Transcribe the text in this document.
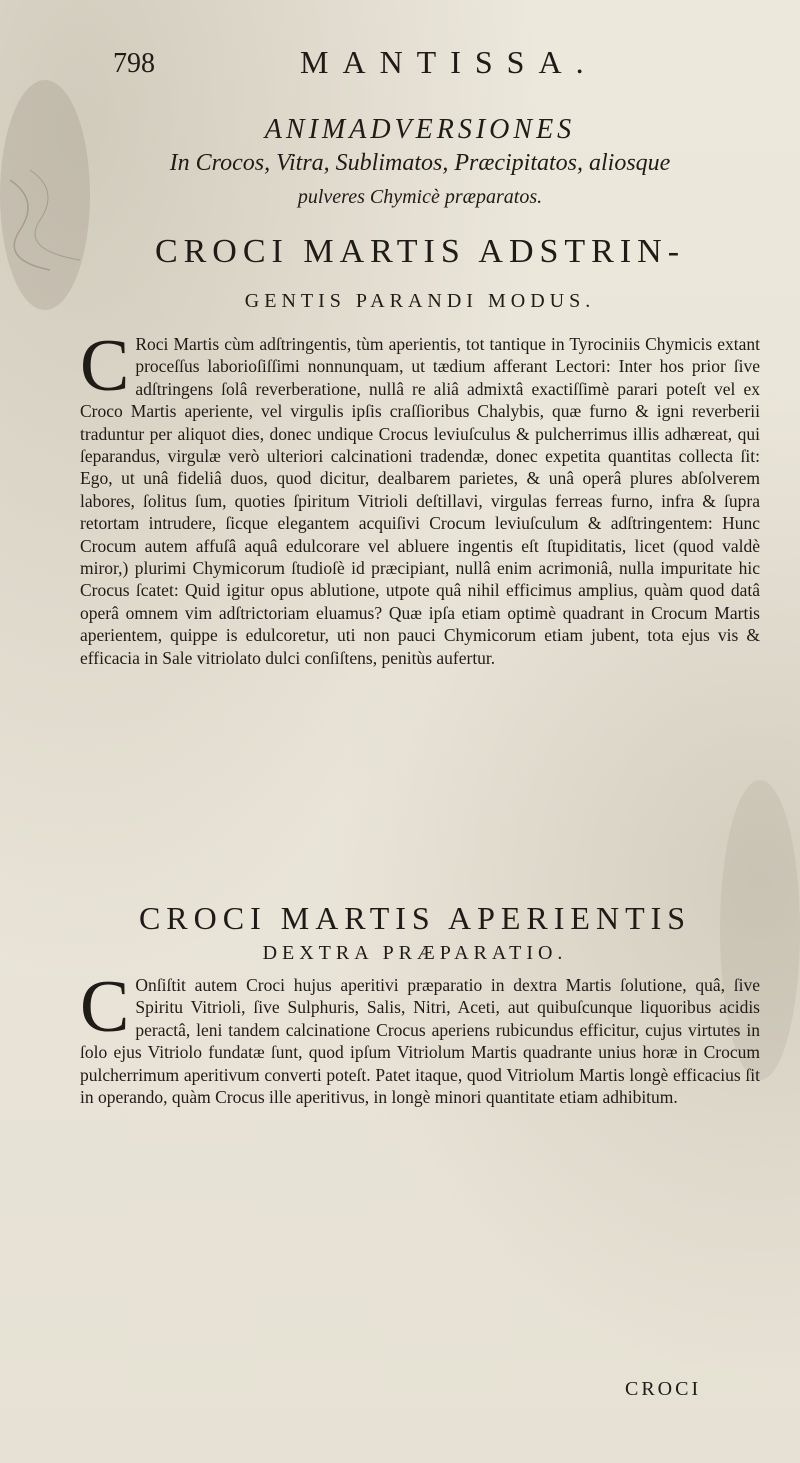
798	MANTISSA.
ANIMADVERSIONES
In Crocos, Vitra, Sublimatos, Præcipitatos, aliosque
pulveres Chymicè præparatos.
CROCI MARTIS ADSTRIN-
GENTIS PARANDI MODUS.
C Roci Martis cùm adſtringentis, tùm aperientis, tot tantique in Tyrociniis Chymicis extant proceſſus laborioſiſſimi nonnunquam, ut tædium afferant Lectori: Inter hos prior ſive adſtringens ſolâ reverberatione, nullâ re aliâ admixtâ exactiſſimè parari poteſt vel ex Croco Martis aperiente, vel virgulis ipſis craſſioribus Chalybis, quæ furno & igni reverberii traduntur per aliquot dies, donec undique Crocus leviuſculus & pulcherrimus illis adhæreat, qui ſeparandus, virgulæ verò ulteriori calcinationi tradendæ, donec expetita quantitas collecta ſit: Ego, ut unâ fideliâ duos, quod dicitur, dealbarem parietes, & unâ operâ plures abſolverem labores, ſolitus ſum, quoties ſpiritum Vitrioli deſtillavi, virgulas ferreas furno, infra & ſupra retortam intrudere, ſicque elegantem acquiſivi Crocum leviuſculum & adſtringentem: Hunc Crocum autem affuſâ aquâ edulcorare vel abluere ingentis eſt ſtupiditatis, licet (quod valdè miror,) plurimi Chymicorum ſtudioſè id præcipiant, nullâ enim acrimoniâ, nulla impuritate hic Crocus ſcatet: Quid igitur opus ablutione, utpote quâ nihil efficimus amplius, quàm quod datâ operâ omnem vim adſtrictoriam eluamus? Quæ ipſa etiam optimè quadrant in Crocum Martis aperientem, quippe is edulcoretur, uti non pauci Chymicorum etiam jubent, tota ejus vis & efficacia in Sale vitriolato dulci conſiſtens, penitùs aufertur.
CROCI MARTIS APERIENTIS
DEXTRA PRÆPARATIO.
C Onſiſtit autem Croci hujus aperitivi præparatio in dextra Martis ſolutione, quâ, ſive Spiritu Vitrioli, ſive Sulphuris, Salis, Nitri, Aceti, aut quibuſcunque liquoribus acidis peractâ, leni tandem calcinatione Crocus aperiens rubicundus efficitur, cujus virtutes in ſolo ejus Vitriolo fundatæ ſunt, quod ipſum Vitriolum Martis quadrante unius horæ in Crocum pulcherrimum aperitivum converti poteſt. Patet itaque, quod Vitriolum Martis longè efficacius ſit in operando, quàm Crocus ille aperitivus, in longè minori quantitate etiam adhibitum.
CROCI
